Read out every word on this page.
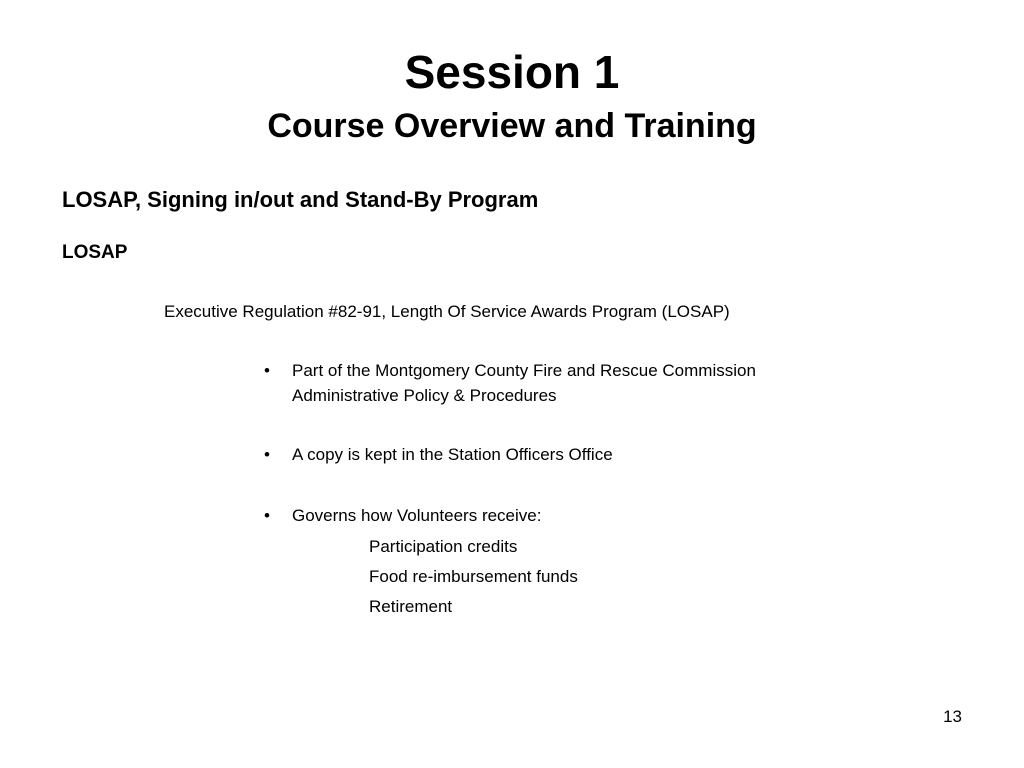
Session 1
Course Overview and Training
LOSAP, Signing in/out and Stand-By Program
LOSAP

Executive Regulation #82-91, Length Of Service Awards Program (LOSAP)

•	Part of the Montgomery County Fire and Rescue Commission Administrative Policy & Procedures
•	A copy is kept in the Station Officers Office
•	Governs how Volunteers receive:
Participation credits
Food re-imbursement funds
Retirement
13
